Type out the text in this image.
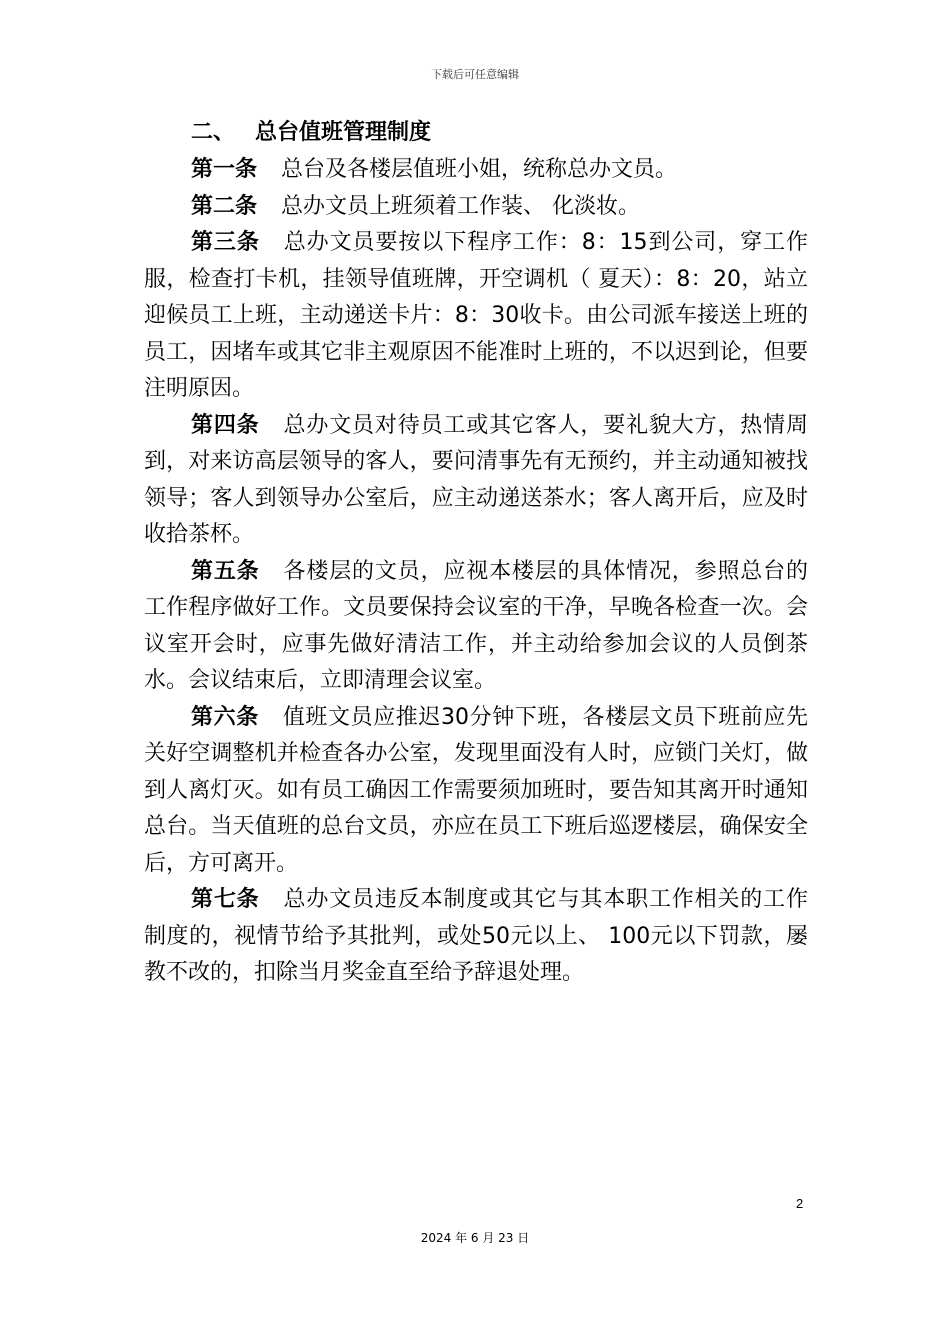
下载后可任意编辑

二、 总台值班管理制度

第一条 总台及各楼层值班小姐，统称总办文员。

第二条 总办文员上班须着工作装、 化淡妆。

第三条 总办文员要按以下程序工作：8：15到公司，穿工作服，检查打卡机，挂领导值班牌，开空调机（ 夏天）：8：20，站立迎候员工上班，主动递送卡片：8：30收卡。由公司派车接送上班的员工，因堵车或其它非主观原因不能准时上班的，不以迟到论，但要注明原因。

第四条 总办文员对待员工或其它客人，要礼貌大方，热情周到，对来访高层领导的客人，要问清事先有无预约，并主动通知被找领导；客人到领导办公室后，应主动递送茶水；客人离开后，应及时收拾茶杯。

第五条 各楼层的文员，应视本楼层的具体情况，参照总台的工作程序做好工作。文员要保持会议室的干净，早晚各检查一次。会议室开会时，应事先做好清洁工作，并主动给参加会议的人员倒茶水。会议结束后，立即清理会议室。

第六条 值班文员应推迟30分钟下班，各楼层文员下班前应先关好空调整机并检查各办公室，发现里面没有人时，应锁门关灯，做到人离灯灭。如有员工确因工作需要须加班时，要告知其离开时通知总台。当天值班的总台文员，亦应在员工下班后巡逻楼层，确保安全后，方可离开。

第七条 总办文员违反本制度或其它与其本职工作相关的工作制度的，视情节给予其批判，或处50元以上、 100元以下罚款，屡教不改的，扣除当月奖金直至给予辞退处理。

2
2024 年 6 月 23 日
